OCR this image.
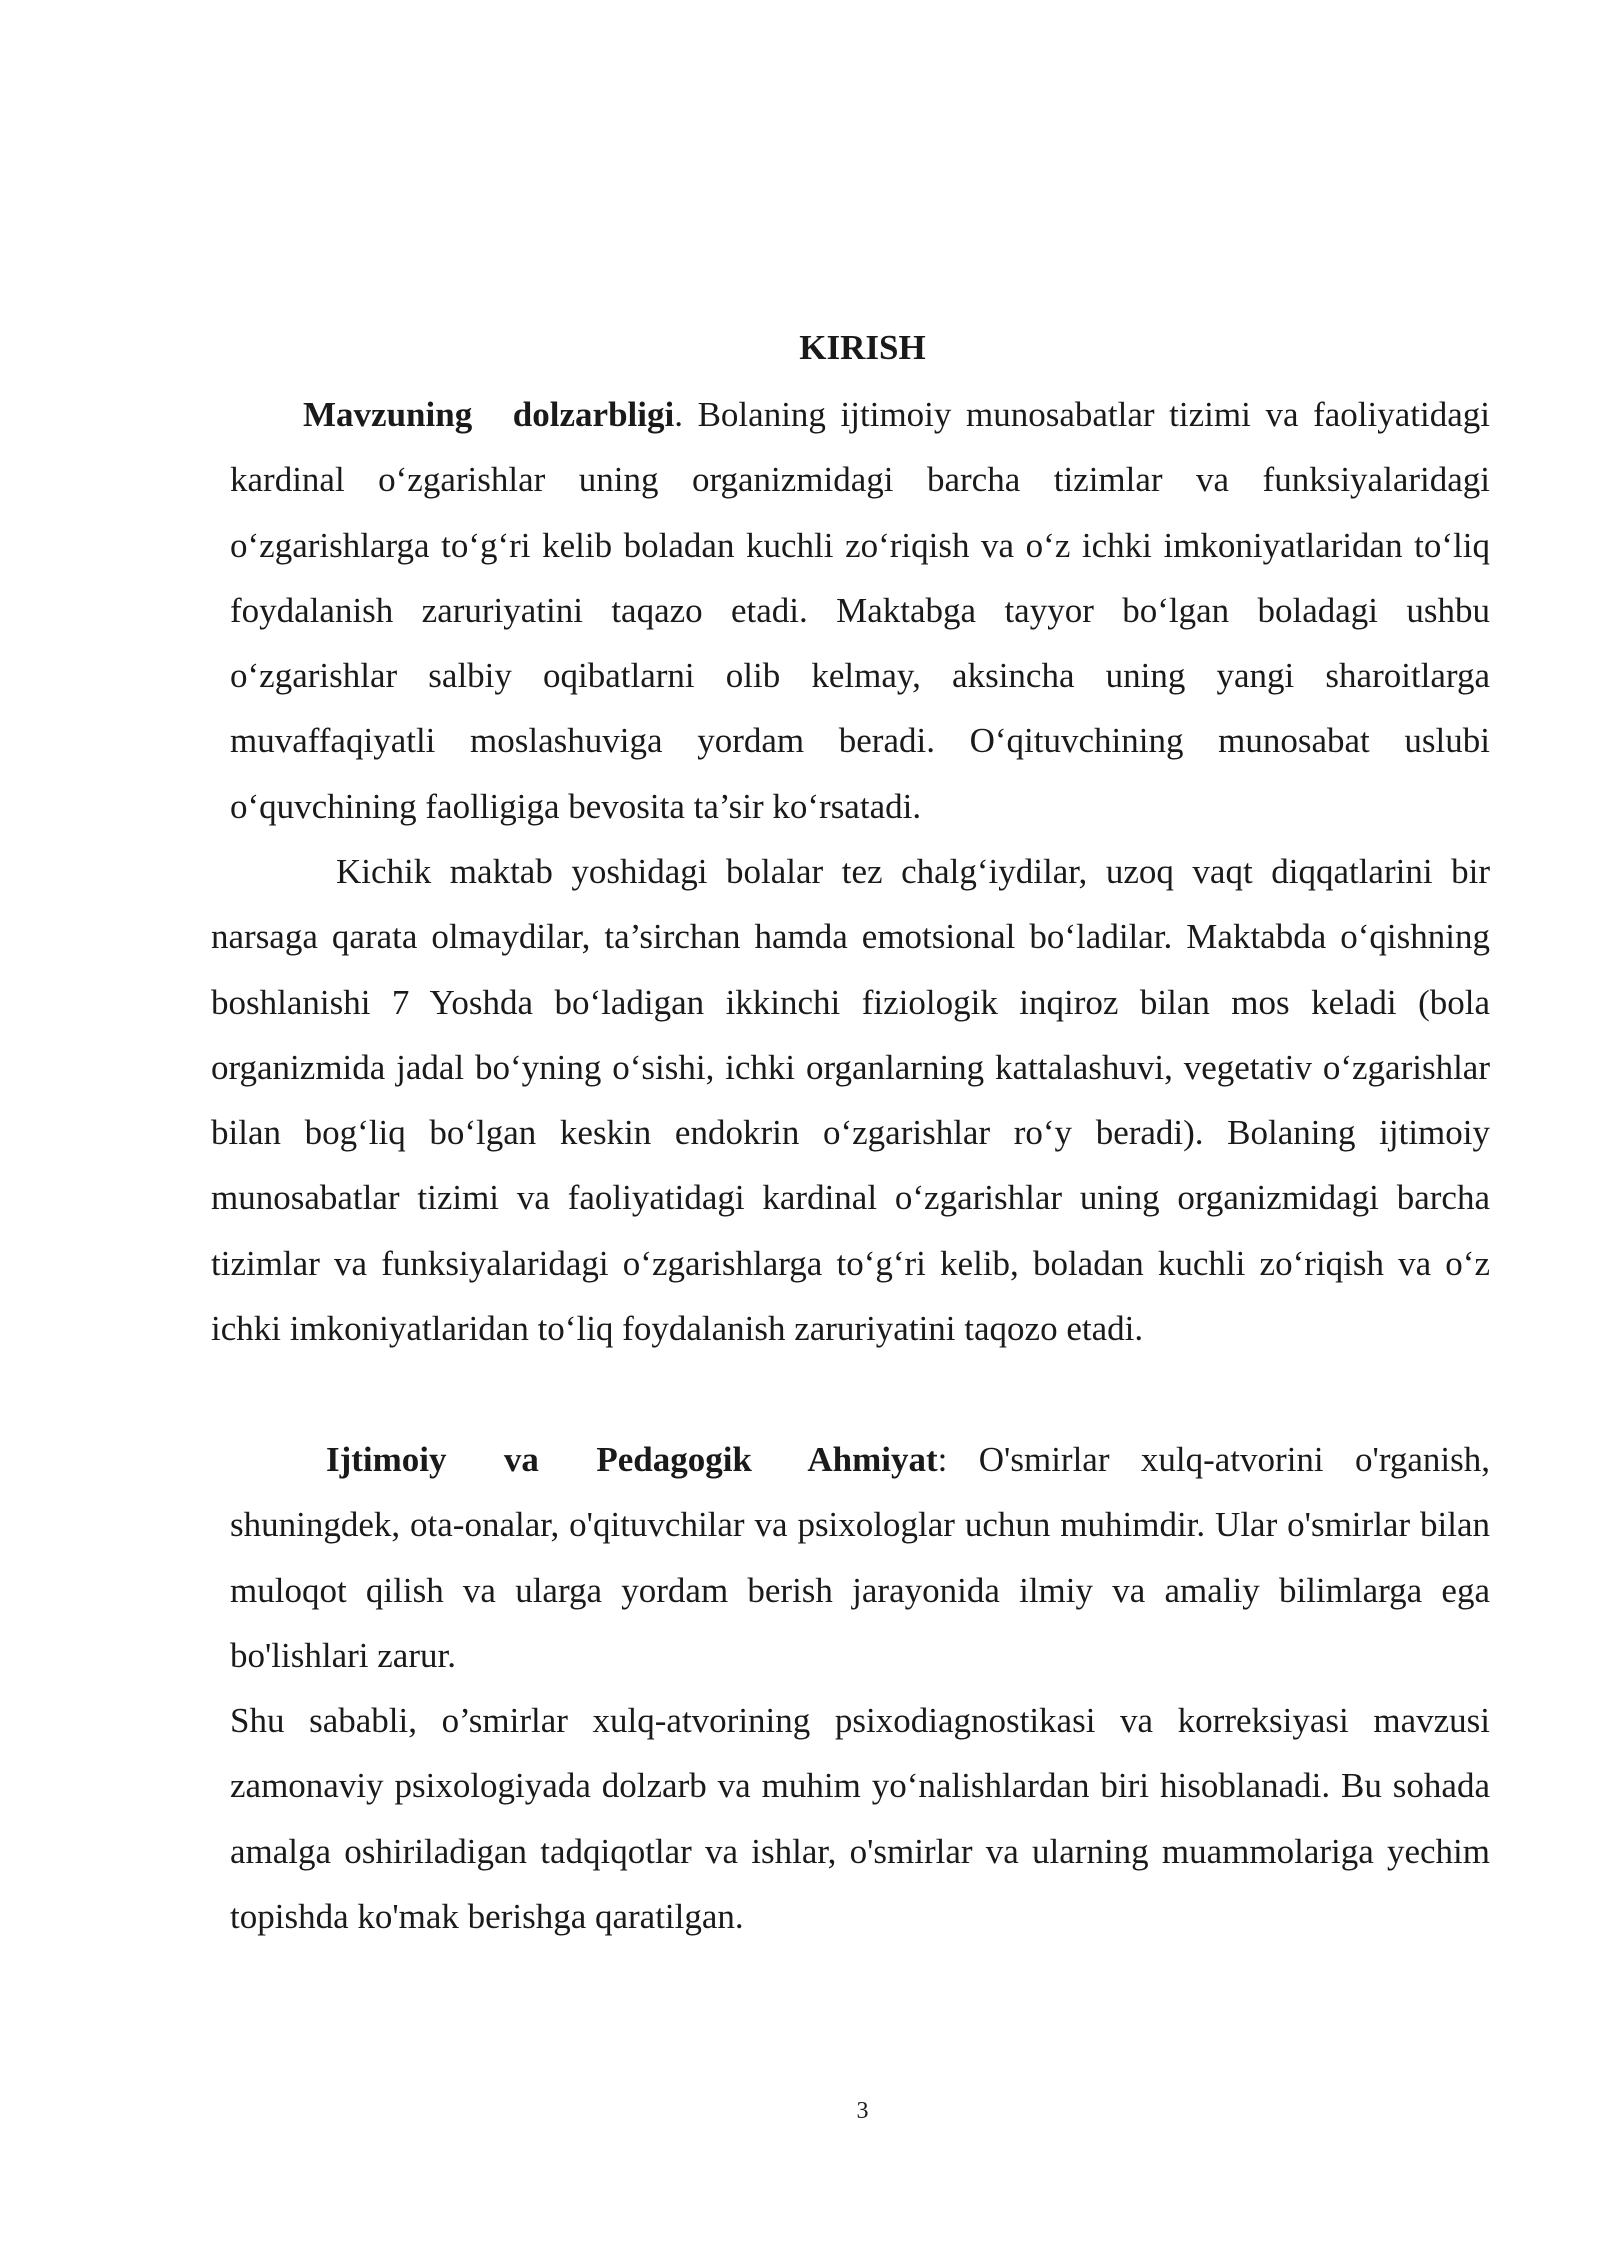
KIRISH

Mavzuning dolzarbligi. Bolaning ijtimoiy munosabatlar tizimi va faoliyatidagi kardinal o‘zgarishlar uning organizmidagi barcha tizimlar va funksiyalaridagi o‘zgarishlarga to‘g‘ri kelib boladan kuchli zo‘riqish va o‘z ichki imkoniyatlaridan to‘liq foydalanish zaruriyatini taqazo etadi. Maktabga tayyor bo‘lgan boladagi ushbu o‘zgarishlar salbiy oqibatlarni olib kelmay, aksincha uning yangi sharoitlarga muvaffaqiyatli moslashuviga yordam beradi. O‘qituvchining munosabat uslubi o‘quvchining faolligiga bevosita ta’sir ko‘rsatadi.

Kichik maktab yoshidagi bolalar tez chalg‘iydilar, uzoq vaqt diqqatlarini bir narsaga qarata olmaydilar, ta’sirchan hamda emotsional bo‘ladilar. Maktabda o‘qishning boshlanishi 7 Yoshda bo‘ladigan ikkinchi fiziologik inqiroz bilan mos keladi (bola organizmida jadal bo‘yning o‘sishi, ichki organlarning kattalashuvi, vegetativ o‘zgarishlar bilan bog‘liq bo‘lgan keskin endokrin o‘zgarishlar ro‘y beradi). Bolaning ijtimoiy munosabatlar tizimi va faoliyatidagi kardinal o‘zgarishlar uning organizmidagi barcha tizimlar va funksiyalaridagi o‘zgarishlarga to‘g‘ri kelib, boladan kuchli zo‘riqish va o‘z ichki imkoniyatlaridan to‘liq foydalanish zaruriyatini taqozo etadi.

Ijtimoiy va Pedagogik Ahmiyat: O'smirlar xulq-atvorini o'rganish, shuningdek, ota-onalar, o'qituvchilar va psixologlar uchun muhimdir. Ular o'smirlar bilan muloqot qilish va ularga yordam berish jarayonida ilmiy va amaliy bilimlarga ega bo'lishlari zarur.

Shu sababli, o’smirlar xulq-atvorining psixodiagnostikasi va korreksiyasi mavzusi zamonaviy psixologiyada dolzarb va muhim yo‘nalishlardan biri hisoblanadi. Bu sohada amalga oshiriladigan tadqiqotlar va ishlar, o'smirlar va ularning muammolariga yechim topishda ko'mak berishga qaratilgan.

3
